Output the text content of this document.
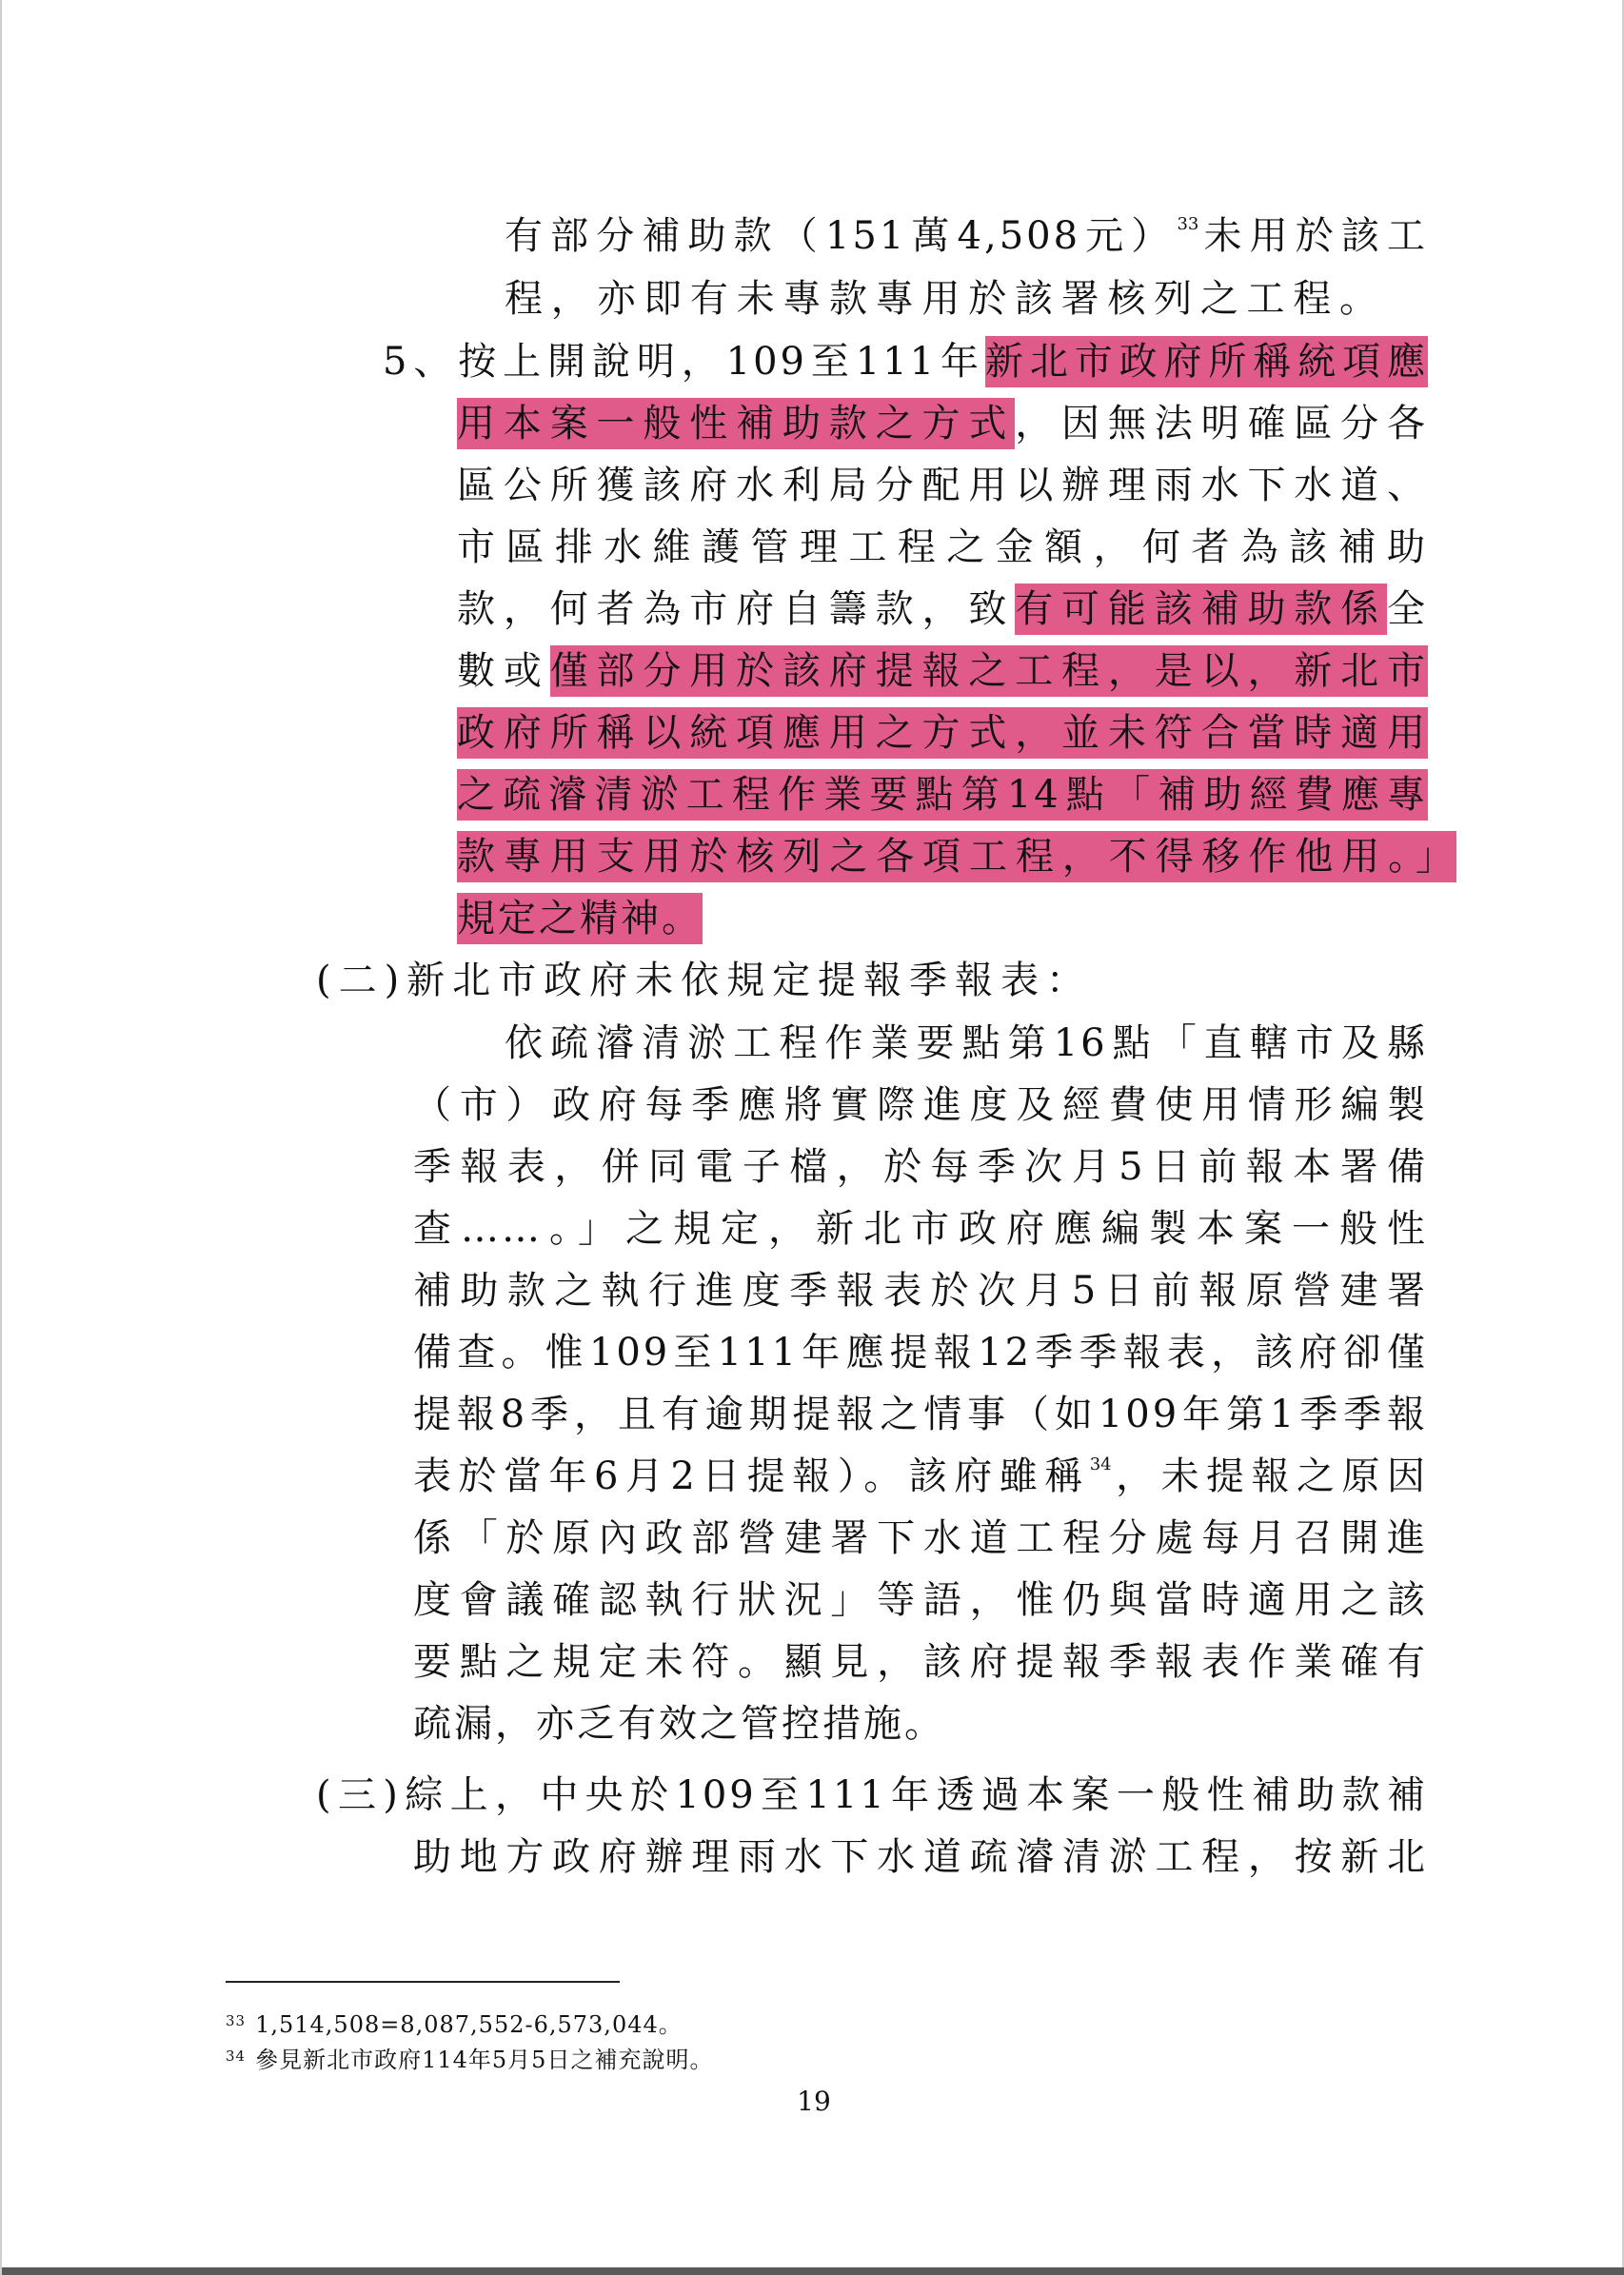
有部分補助款（151萬4,508元）$^{33}$未用於該工
程，亦即有未專款專用於該署核列之工程。
5、按上開說明，109至111年新北市政府所稱統項應
用本案一般性補助款之方式，因無法明確區分各
區公所獲該府水利局分配用以辦理雨水下水道、
市區排水維護管理工程之金額，何者為該補助
款，何者為市府自籌款，致有可能該補助款係全
數或僅部分用於該府提報之工程，是以，新北市
政府所稱以統項應用之方式，並未符合當時適用
之疏濬清淤工程作業要點第14點「補助經費應專
款專用支用於核列之各項工程，不得移作他用。」
規定之精神。
(二)新北市政府未依規定提報季報表：
依疏濬清淤工程作業要點第16點「直轄市及縣
（市）政府每季應將實際進度及經費使用情形編製
季報表，併同電子檔，於每季次月5日前報本署備
查……。」之規定，新北市政府應編製本案一般性
補助款之執行進度季報表於次月5日前報原營建署
備查。惟109至111年應提報12季季報表，該府卻僅
提報8季，且有逾期提報之情事（如109年第1季季報
表於當年6月2日提報）。該府雖稱$^{34}$，未提報之原因
係「於原內政部營建署下水道工程分處每月召開進
度會議確認執行狀況」等語，惟仍與當時適用之該
要點之規定未符。顯見，該府提報季報表作業確有
疏漏，亦乏有效之管控措施。
(三)綜上，中央於109至111年透過本案一般性補助款補
助地方政府辦理雨水下水道疏濬清淤工程，按新北
$^{33}$ 1,514,508=8,087,552-6,573,044。
$^{34}$ 參見新北市政府114年5月5日之補充說明。
19
